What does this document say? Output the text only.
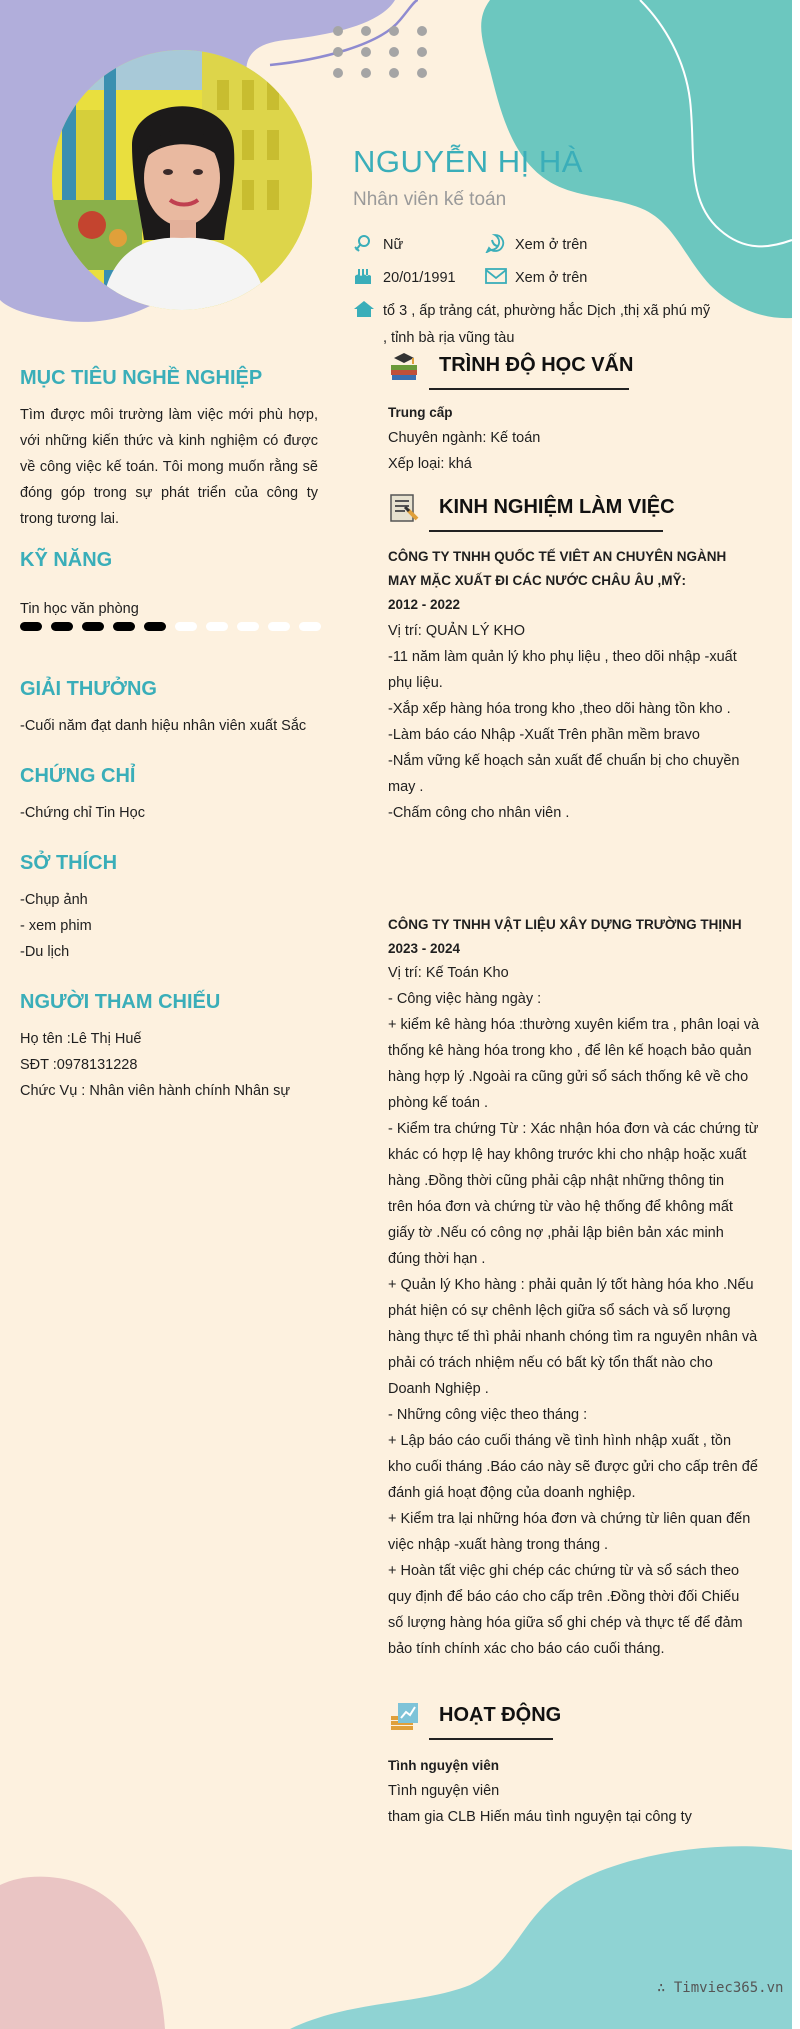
NGUYỄN HỊ HÀ
Nhân viên kế toán
Nữ	Xem ở trên
20/01/1991	Xem ở trên
tổ 3 , ấp trảng cát, phường hắc Dịch ,thị xã phú mỹ
, tỉnh bà rịa vũng tàu
MỤC TIÊU NGHỀ NGHIỆP

Tìm được môi trường làm việc mới phù hợp, với những kiến thức và kinh nghiệm có được về công việc kế toán. Tôi mong muốn rằng sẽ đóng góp trong sự phát triển của công ty trong tương lai.

KỸ NĂNG
Tin học văn phòng
GIẢI THƯỞNG
-Cuối năm đạt danh hiệu nhân viên xuất Sắc
CHỨNG CHỈ
-Chứng chỉ Tin Học
SỞ THÍCH
-Chụp ảnh
- xem phim
-Du lịch
NGƯỜI THAM CHIẾU
Họ tên :Lê Thị Huế
SĐT :0978131228
Chức Vụ : Nhân viên hành chính Nhân sự
TRÌNH ĐỘ HỌC VẤN
Trung cấp
Chuyên ngành: Kế toán
Xếp loại: khá
KINH NGHIỆM LÀM VIỆC
CÔNG TY TNHH QUỐC TẾ VIÊT AN CHUYÊN NGÀNH
MAY MẶC XUẤT ĐI CÁC NƯỚC CHÂU ÂU ,MỸ:
2012 - 2022
Vị trí: QUẢN LÝ KHO
-11 năm làm quản lý kho phụ liệu , theo dõi nhập -xuất
phụ liệu.
-Xắp xếp hàng hóa trong kho ,theo dõi hàng tồn kho .
-Làm báo cáo Nhập -Xuất Trên phần mềm bravo
-Nắm vững kế hoạch sản xuất để chuẩn bị cho chuyền
may .
-Chấm công cho nhân viên .
CÔNG TY TNHH VẬT LIỆU XÂY DỰNG TRƯỜNG THỊNH
2023 - 2024
Vị trí: Kế Toán Kho
- Công việc hàng ngày :
+ kiểm kê hàng hóa :thường xuyên kiểm tra , phân loại và
thống kê hàng hóa trong kho , để lên kế hoạch bảo quản
hàng hợp lý .Ngoài ra cũng gửi sổ sách thống kê về cho
phòng kế toán .
- Kiểm tra chứng Từ : Xác nhận hóa đơn và các chứng từ
khác có hợp lệ hay không trước khi cho nhập hoặc xuất
hàng .Đồng thời cũng phải cập nhật những thông tin
trên hóa đơn và chứng từ vào hệ thống để không mất
giấy tờ .Nếu có công nợ ,phải lập biên bản xác minh
đúng thời hạn .
+ Quản lý Kho hàng : phải quản lý tốt hàng hóa kho .Nếu
phát hiện có sự chênh lệch giữa sổ sách và số lượng
hàng thực tế thì phải nhanh chóng tìm ra nguyên nhân và
phải có trách nhiệm nếu có bất kỳ tổn thất nào cho
Doanh Nghiệp .
- Những công việc theo tháng :
+ Lập báo cáo cuối tháng về tình hình nhập xuất , tồn
kho cuối tháng .Báo cáo này sẽ được gửi cho cấp trên để
đánh giá hoạt động của doanh nghiệp.
+ Kiểm tra lại những hóa đơn và chứng từ liên quan đến
việc nhập -xuất hàng trong tháng .
+ Hoàn tất việc ghi chép các chứng từ và sổ sách theo
quy định để báo cáo cho cấp trên .Đồng thời đối Chiếu
số lượng hàng hóa giữa sổ ghi chép và thực tế để đảm
bảo tính chính xác cho báo cáo cuối tháng.
HOẠT ĐỘNG
Tình nguyện viên
Tình nguyện viên
tham gia CLB Hiến máu tình nguyện tại công ty
∴ Timviec365.vn
